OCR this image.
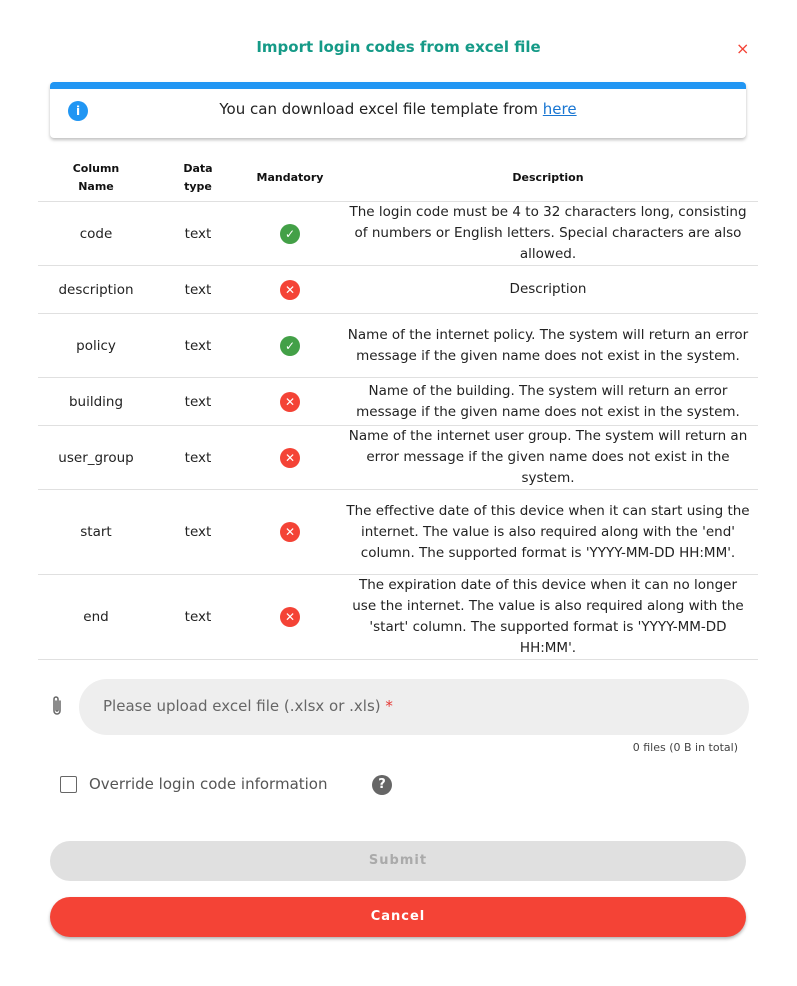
Import login codes from excel file	×
i	You can download excel file template from here
Column Name	Data type	Mandatory	Description
code	text	✓	The login code must be 4 to 32 characters long, consisting of numbers or English letters. Special characters are also allowed.
description	text	✕	Description
policy	text	✓	Name of the internet policy. The system will return an error message if the given name does not exist in the system.
building	text	✕	Name of the building. The system will return an error message if the given name does not exist in the system.
user_group	text	✕	Name of the internet user group. The system will return an error message if the given name does not exist in the system.
start	text	✕	The effective date of this device when it can start using the internet. The value is also required along with the 'end' column. The supported format is 'YYYY-MM-DD HH:MM'.
end	text	✕	The expiration date of this device when it can no longer use the internet. The value is also required along with the 'start' column. The supported format is 'YYYY-MM-DD HH:MM'.
Please upload excel file (.xlsx or .xls) *
0 files (0 B in total)
Override login code information	?
Submit
Cancel
